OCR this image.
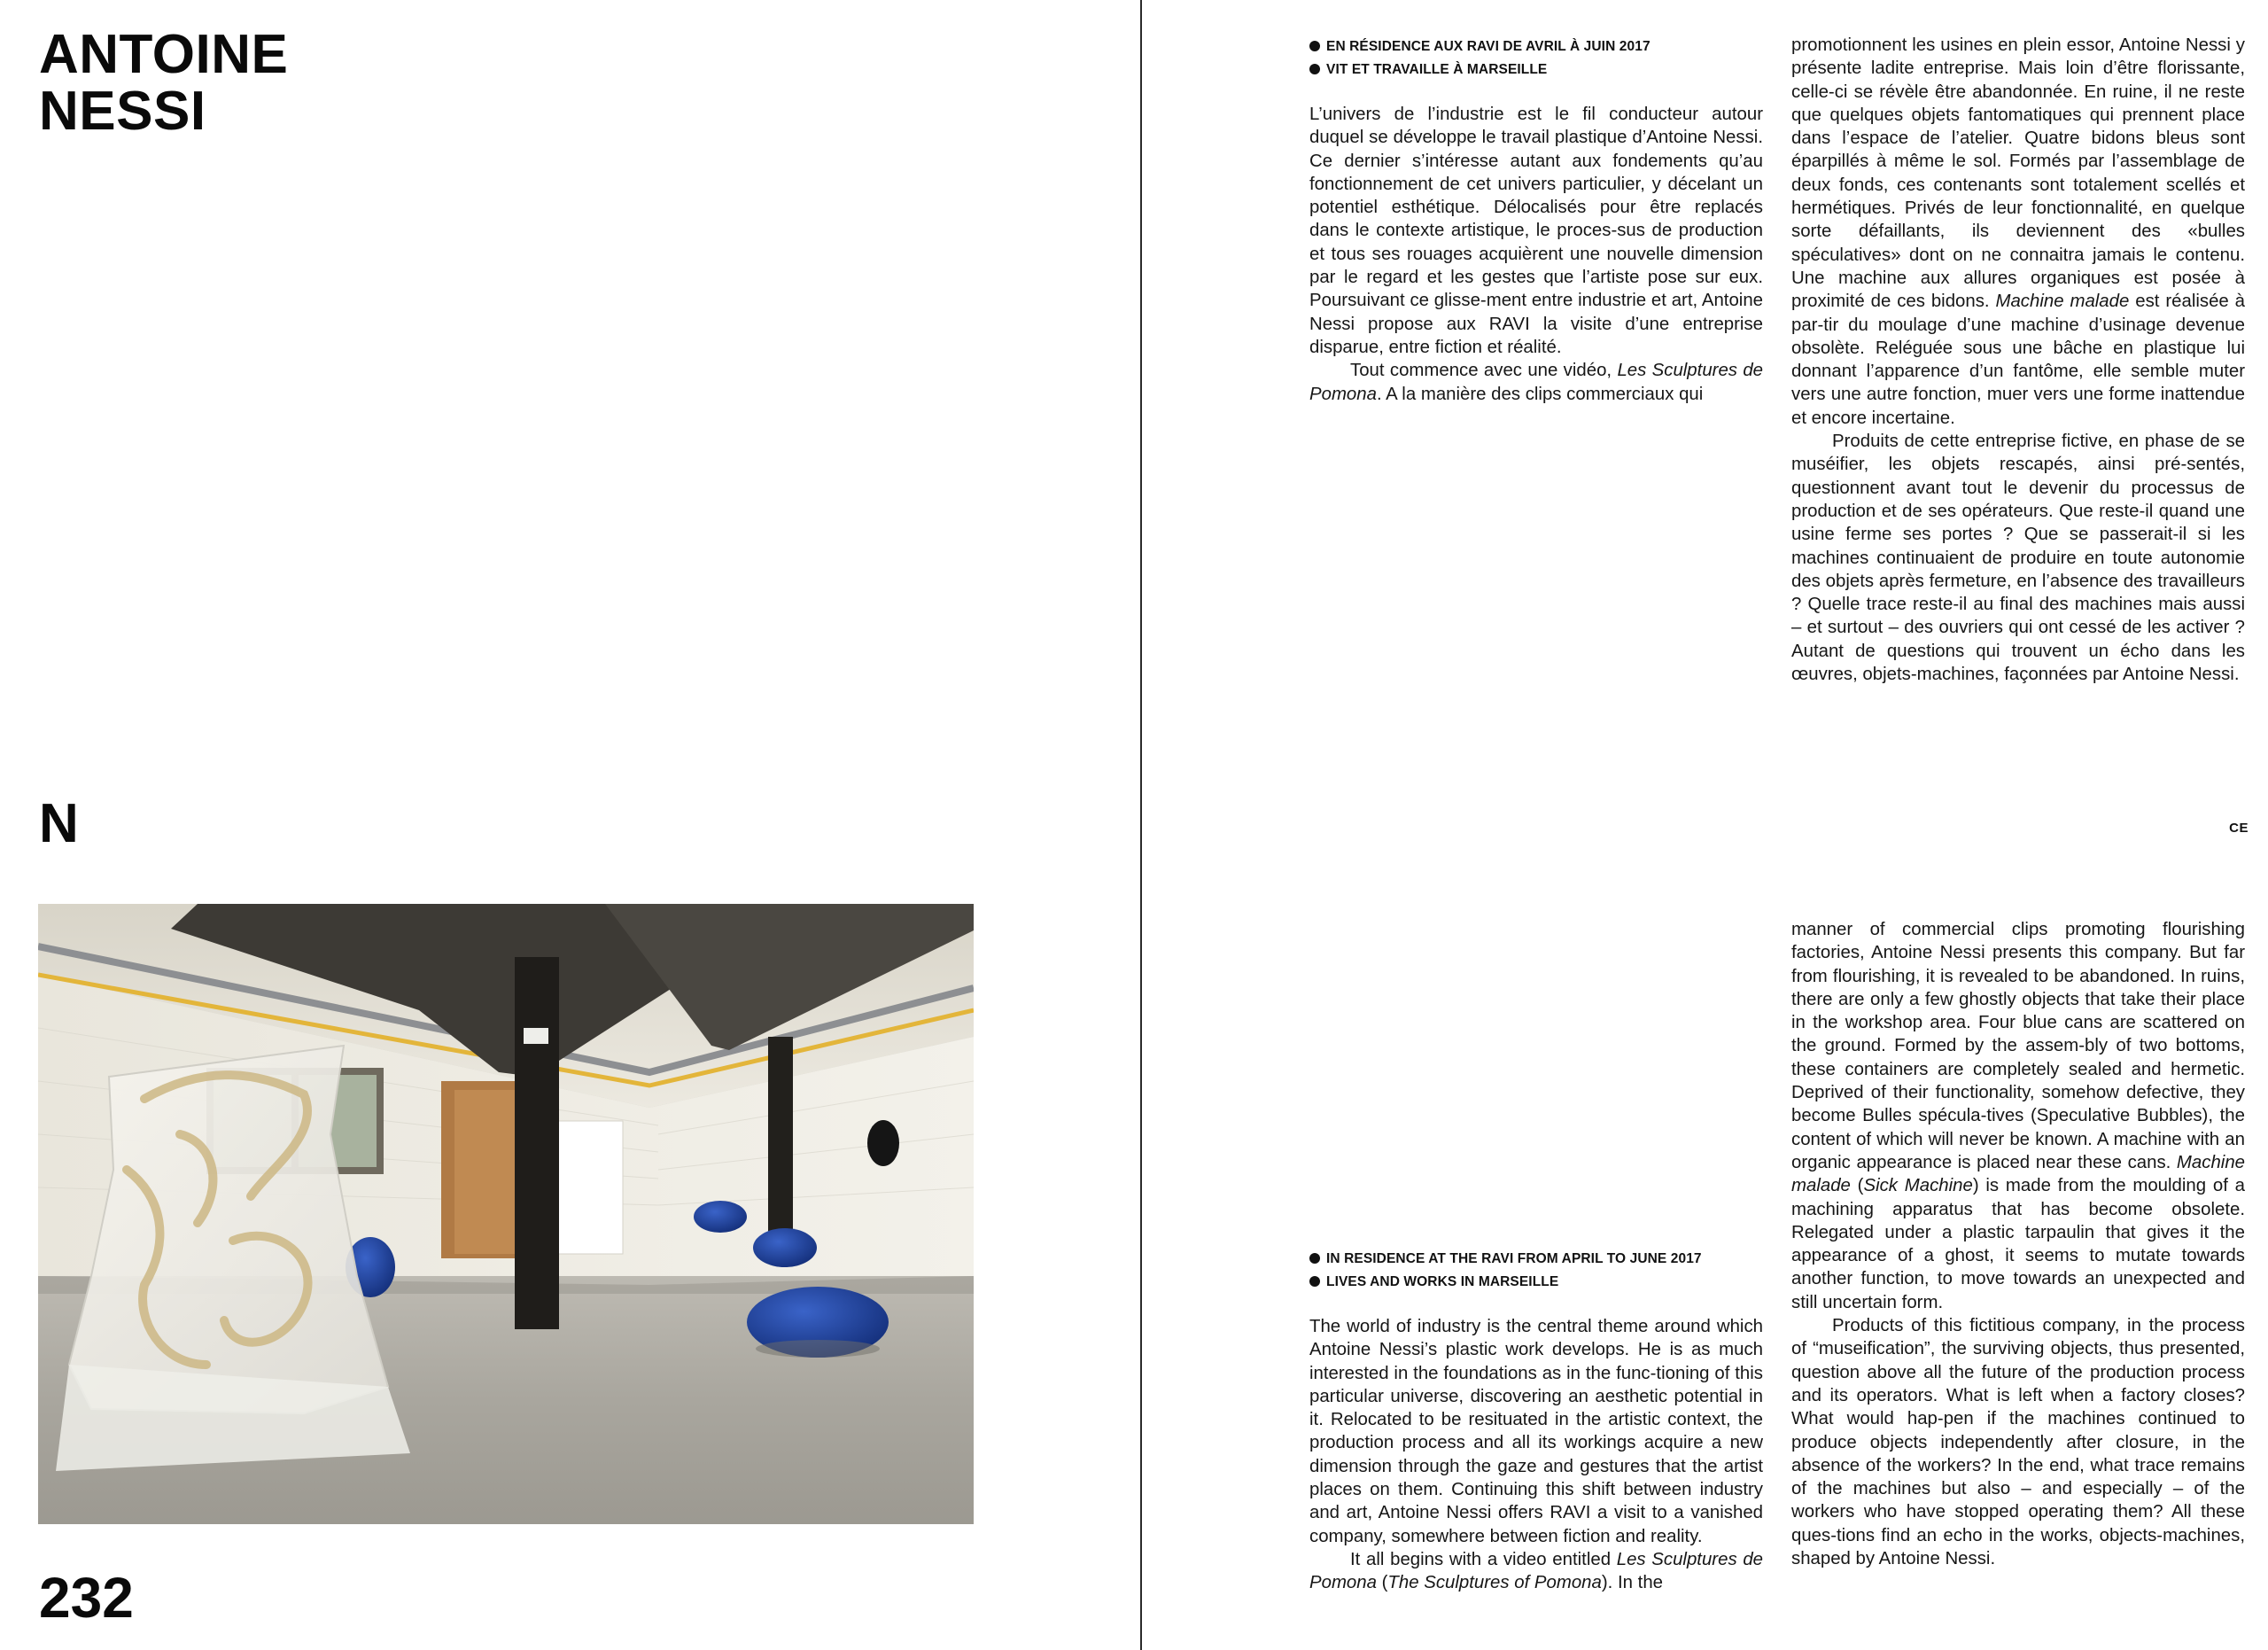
ANTOINE
NESSI
N
232
EN RÉSIDENCE AUX RAVI DE AVRIL À JUIN 2017
VIT ET TRAVAILLE À MARSEILLE

L’univers de l’industrie est le fil conducteur autour duquel se développe le travail plastique d’Antoine Nessi. Ce dernier s’intéresse autant aux fondements qu’au fonctionnement de cet univers particulier, y décelant un potentiel esthétique. Délocalisés pour être replacés dans le contexte artistique, le proces-sus de production et tous ses rouages acquièrent une nouvelle dimension par le regard et les gestes que l’artiste pose sur eux. Poursuivant ce glisse-ment entre industrie et art, Antoine Nessi propose aux RAVI la visite d’une entreprise disparue, entre fiction et réalité.

Tout commence avec une vidéo, Les Sculptures de Pomona. A la manière des clips commerciaux qui

promotionnent les usines en plein essor, Antoine Nessi y présente ladite entreprise. Mais loin d’être florissante, celle-ci se révèle être abandonnée. En ruine, il ne reste que quelques objets fantomatiques qui prennent place dans l’espace de l’atelier. Quatre bidons bleus sont éparpillés à même le sol. Formés par l’assemblage de deux fonds, ces contenants sont totalement scellés et hermétiques. Privés de leur fonctionnalité, en quelque sorte défaillants, ils deviennent des «bulles spéculatives» dont on ne connaitra jamais le contenu. Une machine aux allures organiques est posée à proximité de ces bidons. Machine malade est réalisée à par-tir du moulage d’une machine d’usinage devenue obsolète. Reléguée sous une bâche en plastique lui donnant l’apparence d’un fantôme, elle semble muter vers une autre fonction, muer vers une forme inattendue et encore incertaine.

Produits de cette entreprise fictive, en phase de se muséifier, les objets rescapés, ainsi pré-sentés, questionnent avant tout le devenir du processus de production et de ses opérateurs. Que reste-il quand une usine ferme ses portes ? Que se passerait-il si les machines continuaient de produire en toute autonomie des objets après fermeture, en l’absence des travailleurs ? Quelle trace reste-il au final des machines mais aussi – et surtout – des ouvriers qui ont cessé de les activer ? Autant de questions qui trouvent un écho dans les œuvres, objets-machines, façonnées par Antoine Nessi.

CE
IN RESIDENCE AT THE RAVI FROM APRIL TO JUNE 2017
LIVES AND WORKS IN MARSEILLE

The world of industry is the central theme around which Antoine Nessi’s plastic work develops. He is as much interested in the foundations as in the func-tioning of this particular universe, discovering an aesthetic potential in it. Relocated to be resituated in the artistic context, the production process and all its workings acquire a new dimension through the gaze and gestures that the artist places on them. Continuing this shift between industry and art, Antoine Nessi offers RAVI a visit to a vanished company, somewhere between fiction and reality.

It all begins with a video entitled Les Sculptures de Pomona (The Sculptures of Pomona). In the

manner of commercial clips promoting flourishing factories, Antoine Nessi presents this company. But far from flourishing, it is revealed to be abandoned. In ruins, there are only a few ghostly objects that take their place in the workshop area. Four blue cans are scattered on the ground. Formed by the assem-bly of two bottoms, these containers are completely sealed and hermetic. Deprived of their functionality, somehow defective, they become Bulles spécula-tives (Speculative Bubbles), the content of which will never be known. A machine with an organic appearance is placed near these cans. Machine malade (Sick Machine) is made from the moulding of a machining apparatus that has become obsolete. Relegated under a plastic tarpaulin that gives it the appearance of a ghost, it seems to mutate towards another function, to move towards an unexpected and still uncertain form.

Products of this fictitious company, in the process of “museification”, the surviving objects, thus presented, question above all the future of the production process and its operators. What is left when a factory closes? What would hap-pen if the machines continued to produce objects independently after closure, in the absence of the workers? In the end, what trace remains of the machines but also – and especially – of the workers who have stopped operating them? All these ques-tions find an echo in the works, objects-machines, shaped by Antoine Nessi.
